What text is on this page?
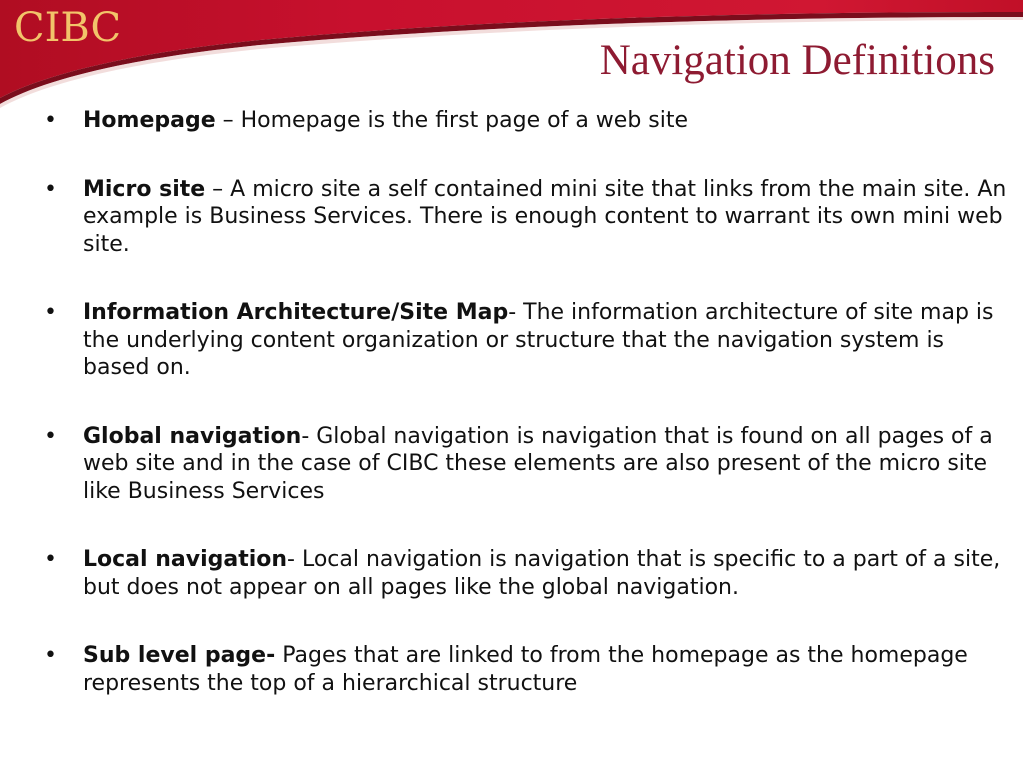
CIBC
Navigation Definitions
• Homepage – Homepage is the first page of a web site
• Micro site – A micro site a self contained mini site that links from the main site. An example is Business Services. There is enough content to warrant its own mini web site.
• Information Architecture/Site Map- The information architecture of site map is the underlying content organization or structure that the navigation system is based on.
• Global navigation- Global navigation is navigation that is found on all pages of a web site and in the case of CIBC these elements are also present of the micro site like Business Services
• Local navigation- Local navigation is navigation that is specific to a part of a site, but does not appear on all pages like the global navigation.
• Sub level page- Pages that are linked to from the homepage as the homepage represents the top of a hierarchical structure
